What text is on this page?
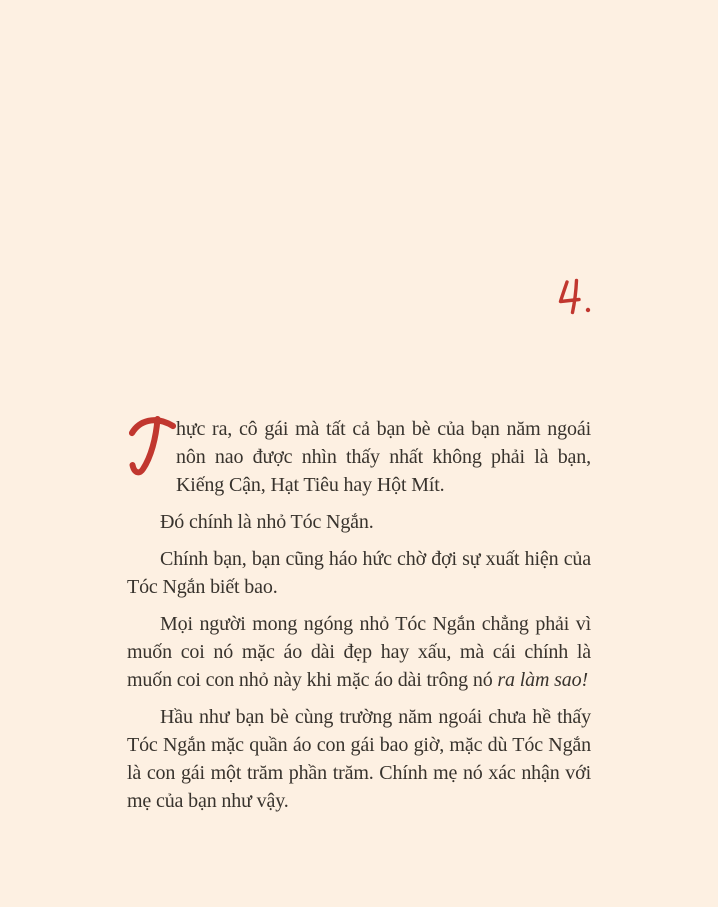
hực ra, cô gái mà tất cả bạn bè của bạn năm ngoái nôn nao được nhìn thấy nhất không phải là bạn, Kiếng Cận, Hạt Tiêu hay Hột Mít.

Đó chính là nhỏ Tóc Ngắn.

Chính bạn, bạn cũng háo hức chờ đợi sự xuất hiện của Tóc Ngắn biết bao.

Mọi người mong ngóng nhỏ Tóc Ngắn chẳng phải vì muốn coi nó mặc áo dài đẹp hay xấu, mà cái chính là muốn coi con nhỏ này khi mặc áo dài trông nó ra làm sao!

Hầu như bạn bè cùng trường năm ngoái chưa hề thấy Tóc Ngắn mặc quần áo con gái bao giờ, mặc dù Tóc Ngắn là con gái một trăm phần trăm. Chính mẹ nó xác nhận với mẹ của bạn như vậy.
